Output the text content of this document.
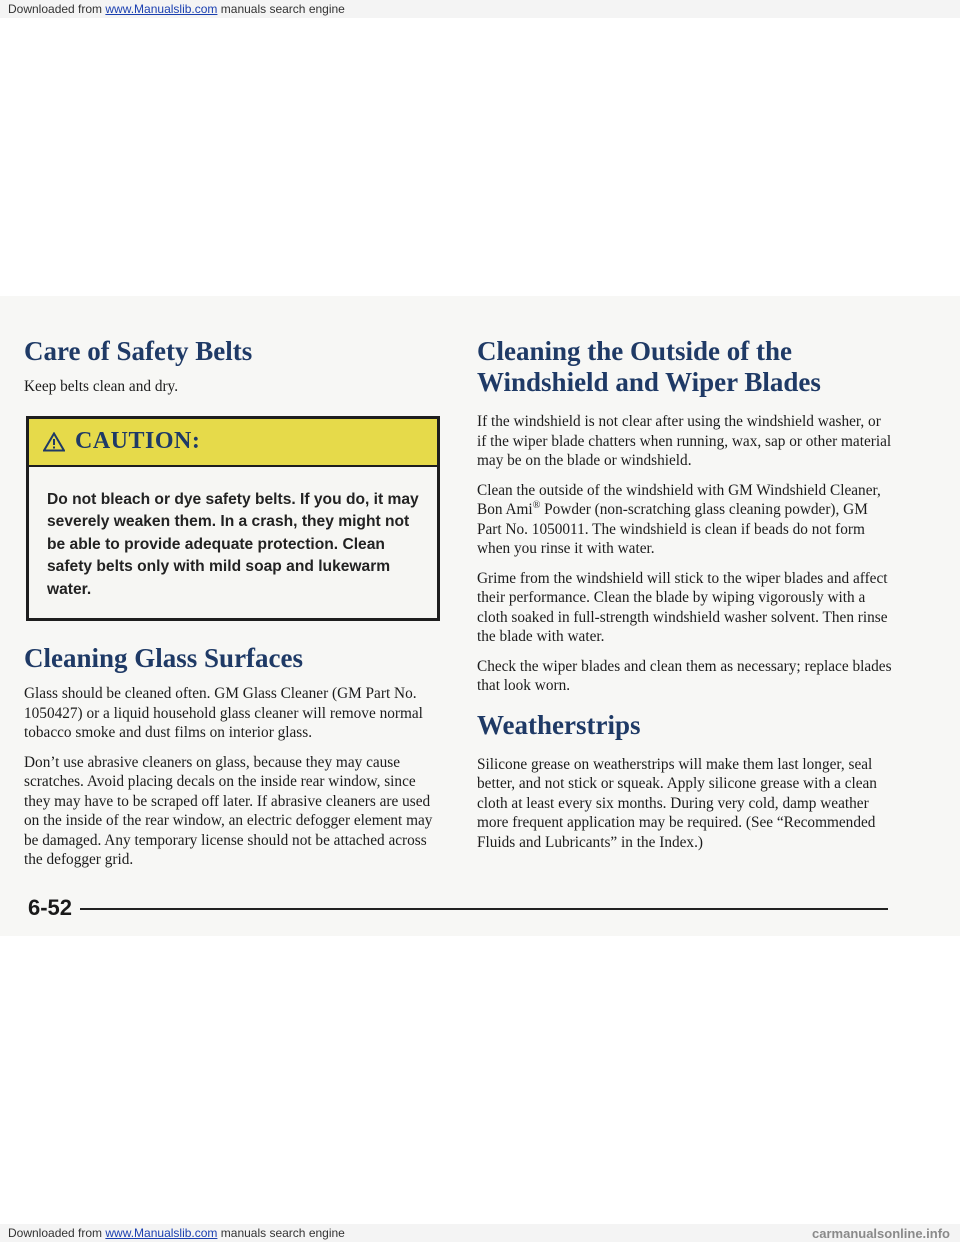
Downloaded from www.Manualslib.com manuals search engine
Care of Safety Belts

Keep belts clean and dry.

CAUTION:
Do not bleach or dye safety belts. If you do, it may severely weaken them. In a crash, they might not be able to provide adequate protection. Clean safety belts only with mild soap and lukewarm water.
Cleaning Glass Surfaces

Glass should be cleaned often. GM Glass Cleaner (GM Part No. 1050427) or a liquid household glass cleaner will remove normal tobacco smoke and dust films on interior glass.

Don’t use abrasive cleaners on glass, because they may cause scratches. Avoid placing decals on the inside rear window, since they may have to be scraped off later. If abrasive cleaners are used on the inside of the rear window, an electric defogger element may be damaged. Any temporary license should not be attached across the defogger grid.

Cleaning the Outside of the
Windshield and Wiper Blades

If the windshield is not clear after using the windshield washer, or if the wiper blade chatters when running, wax, sap or other material may be on the blade or windshield.

Clean the outside of the windshield with GM Windshield Cleaner, Bon Ami® Powder (non-scratching glass cleaning powder), GM Part No. 1050011. The windshield is clean if beads do not form when you rinse it with water.

Grime from the windshield will stick to the wiper blades and affect their performance. Clean the blade by wiping vigorously with a cloth soaked in full-strength windshield washer solvent. Then rinse the blade with water.

Check the wiper blades and clean them as necessary; replace blades that look worn.

Weatherstrips

Silicone grease on weatherstrips will make them last longer, seal better, and not stick or squeak. Apply silicone grease with a clean cloth at least every six months. During very cold, damp weather more frequent application may be required. (See “Recommended Fluids and Lubricants” in the Index.)

6-52
Downloaded from www.Manualslib.com manuals search engine	carmanualsonline.info
